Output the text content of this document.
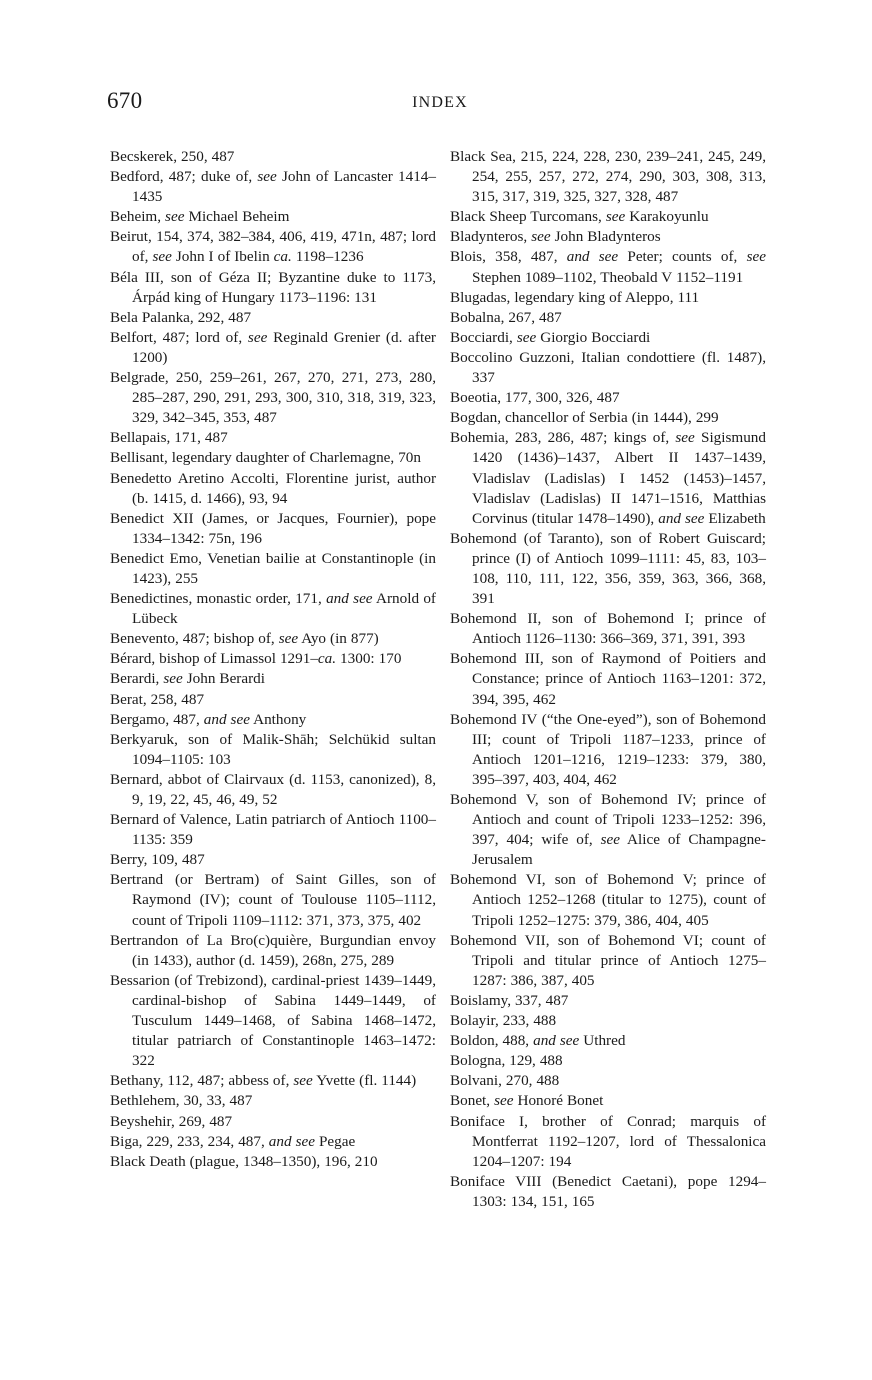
670	INDEX

Becskerek, 250, 487

Bedford, 487; duke of, see John of Lancaster 1414–1435

Beheim, see Michael Beheim

Beirut, 154, 374, 382–384, 406, 419, 471n, 487; lord of, see John I of Ibelin ca. 1198–1236

Béla III, son of Géza II; Byzantine duke to 1173, Árpád king of Hungary 1173–1196: 131

Bela Palanka, 292, 487

Belfort, 487; lord of, see Reginald Grenier (d. after 1200)

Belgrade, 250, 259–261, 267, 270, 271, 273, 280, 285–287, 290, 291, 293, 300, 310, 318, 319, 323, 329, 342–345, 353, 487

Bellapais, 171, 487

Bellisant, legendary daughter of Charlemagne, 70n

Benedetto Aretino Accolti, Florentine jurist, author (b. 1415, d. 1466), 93, 94

Benedict XII (James, or Jacques, Fournier), pope 1334–1342: 75n, 196

Benedict Emo, Venetian bailie at Constantinople (in 1423), 255

Benedictines, monastic order, 171, and see Arnold of Lübeck

Benevento, 487; bishop of, see Ayo (in 877)

Bérard, bishop of Limassol 1291–ca. 1300: 170

Berardi, see John Berardi

Berat, 258, 487

Bergamo, 487, and see Anthony

Berkyaruk, son of Malik-Shāh; Selchükid sultan 1094–1105: 103

Bernard, abbot of Clairvaux (d. 1153, canonized), 8, 9, 19, 22, 45, 46, 49, 52

Bernard of Valence, Latin patriarch of Antioch 1100–1135: 359

Berry, 109, 487

Bertrand (or Bertram) of Saint Gilles, son of Raymond (IV); count of Toulouse 1105–1112, count of Tripoli 1109–1112: 371, 373, 375, 402

Bertrandon of La Bro(c)quière, Burgundian envoy (in 1433), author (d. 1459), 268n, 275, 289

Bessarion (of Trebizond), cardinal-priest 1439–1449, cardinal-bishop of Sabina 1449–1449, of Tusculum 1449–1468, of Sabina 1468–1472, titular patriarch of Constantinople 1463–1472: 322

Bethany, 112, 487; abbess of, see Yvette (fl. 1144)

Bethlehem, 30, 33, 487

Beyshehir, 269, 487

Biga, 229, 233, 234, 487, and see Pegae

Black Death (plague, 1348–1350), 196, 210

Black Sea, 215, 224, 228, 230, 239–241, 245, 249, 254, 255, 257, 272, 274, 290, 303, 308, 313, 315, 317, 319, 325, 327, 328, 487

Black Sheep Turcomans, see Karakoyunlu

Bladynteros, see John Bladynteros

Blois, 358, 487, and see Peter; counts of, see Stephen 1089–1102, Theobald V 1152–1191

Blugadas, legendary king of Aleppo, 111

Bobalna, 267, 487

Bocciardi, see Giorgio Bocciardi

Boccolino Guzzoni, Italian condottiere (fl. 1487), 337

Boeotia, 177, 300, 326, 487

Bogdan, chancellor of Serbia (in 1444), 299

Bohemia, 283, 286, 487; kings of, see Sigismund 1420 (1436)–1437, Albert II 1437–1439, Vladislav (Ladislas) I 1452 (1453)–1457, Vladislav (Ladislas) II 1471–1516, Matthias Corvinus (titular 1478–1490), and see Elizabeth

Bohemond (of Taranto), son of Robert Guiscard; prince (I) of Antioch 1099–1111: 45, 83, 103–108, 110, 111, 122, 356, 359, 363, 366, 368, 391

Bohemond II, son of Bohemond I; prince of Antioch 1126–1130: 366–369, 371, 391, 393

Bohemond III, son of Raymond of Poitiers and Constance; prince of Antioch 1163–1201: 372, 394, 395, 462

Bohemond IV (“the One-eyed”), son of Bohemond III; count of Tripoli 1187–1233, prince of Antioch 1201–1216, 1219–1233: 379, 380, 395–397, 403, 404, 462

Bohemond V, son of Bohemond IV; prince of Antioch and count of Tripoli 1233–1252: 396, 397, 404; wife of, see Alice of Champagne-Jerusalem

Bohemond VI, son of Bohemond V; prince of Antioch 1252–1268 (titular to 1275), count of Tripoli 1252–1275: 379, 386, 404, 405

Bohemond VII, son of Bohemond VI; count of Tripoli and titular prince of Antioch 1275–1287: 386, 387, 405

Boislamy, 337, 487

Bolayir, 233, 488

Boldon, 488, and see Uthred

Bologna, 129, 488

Bolvani, 270, 488

Bonet, see Honoré Bonet

Boniface I, brother of Conrad; marquis of Montferrat 1192–1207, lord of Thessalonica 1204–1207: 194

Boniface VIII (Benedict Caetani), pope 1294–1303: 134, 151, 165
